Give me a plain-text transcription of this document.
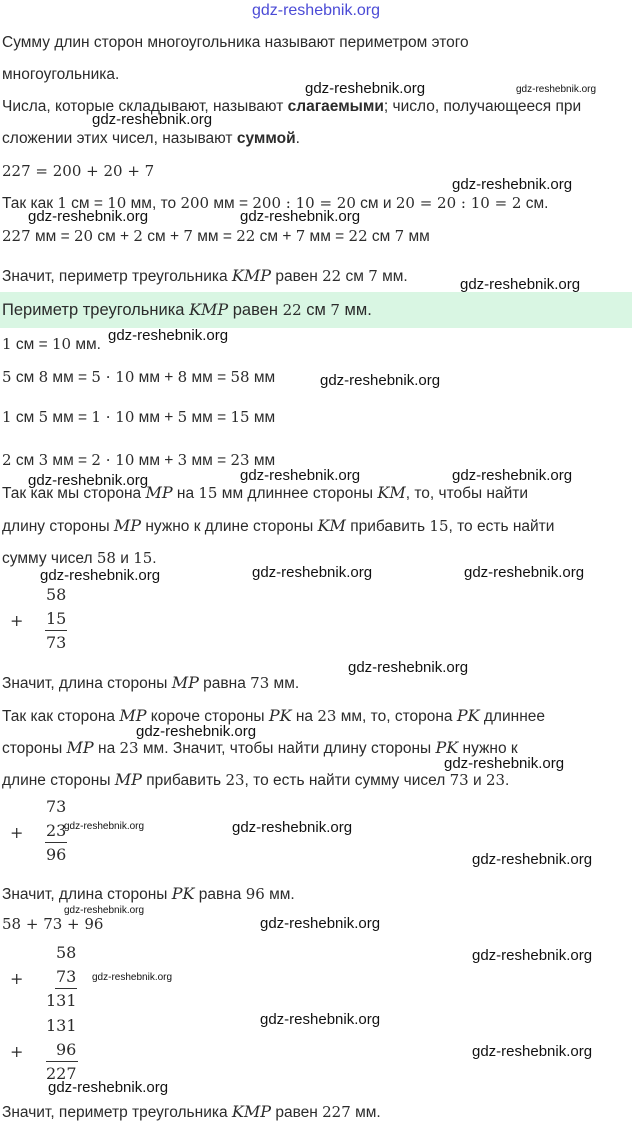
gdz-reshebnik.org
Сумму длин сторон многоугольника называют периметром этого
многоугольника.
Числа, которые складывают, называют слагаемыми; число, получающееся при
сложении этих чисел, называют суммой.
227 = 200 + 20 + 7
Так как 1 см = 10 мм, то 200 мм = 200 : 10 = 20 см и 20 = 20 : 10 = 2 см.
227 мм = 20 см + 2 см + 7 мм = 22 см + 7 мм = 22 см 7 мм
Значит, периметр треугольника KMP равен 22 см 7 мм.
Периметр треугольника KMP равен 22 см 7 мм.
1 см = 10 мм.
5 см 8 мм = 5 · 10 мм + 8 мм = 58 мм
1 см 5 мм = 1 · 10 мм + 5 мм = 15 мм
2 см 3 мм = 2 · 10 мм + 3 мм = 23 мм
Так как мы сторона MP на 15 мм длиннее стороны KM, то, чтобы найти
длину стороны MP нужно к длине стороны KM прибавить 15, то есть найти
сумму чисел 58 и 15.
58
+ 15
73
Значит, длина стороны MP равна 73 мм.
Так как сторона MP короче стороны PK на 23 мм, то, сторона PK длиннее
стороны MP на 23 мм. Значит, чтобы найти длину стороны PK нужно к
длине стороны MP прибавить 23, то есть найти сумму чисел 73 и 23.
73
+ 23
96
Значит, длина стороны PK равна 96 мм.
58 + 73 + 96
58
+ 73
131
131
+ 96
227
Значит, периметр треугольника KMP равен 227 мм.
gdz-reshebnik.org	gdz-reshebnik.org
gdz-reshebnik.org
gdz-reshebnik.org
gdz-reshebnik.org	gdz-reshebnik.org
gdz-reshebnik.org
gdz-reshebnik.org
gdz-reshebnik.org
gdz-reshebnik.org	gdz-reshebnik.org	gdz-reshebnik.org
gdz-reshebnik.org	gdz-reshebnik.org	gdz-reshebnik.org
gdz-reshebnik.org
gdz-reshebnik.org
gdz-reshebnik.org
gdz-reshebnik.org	gdz-reshebnik.org
gdz-reshebnik.org
gdz-reshebnik.org
gdz-reshebnik.org
gdz-reshebnik.org
gdz-reshebnik.org
gdz-reshebnik.org
gdz-reshebnik.org
gdz-reshebnik.org
